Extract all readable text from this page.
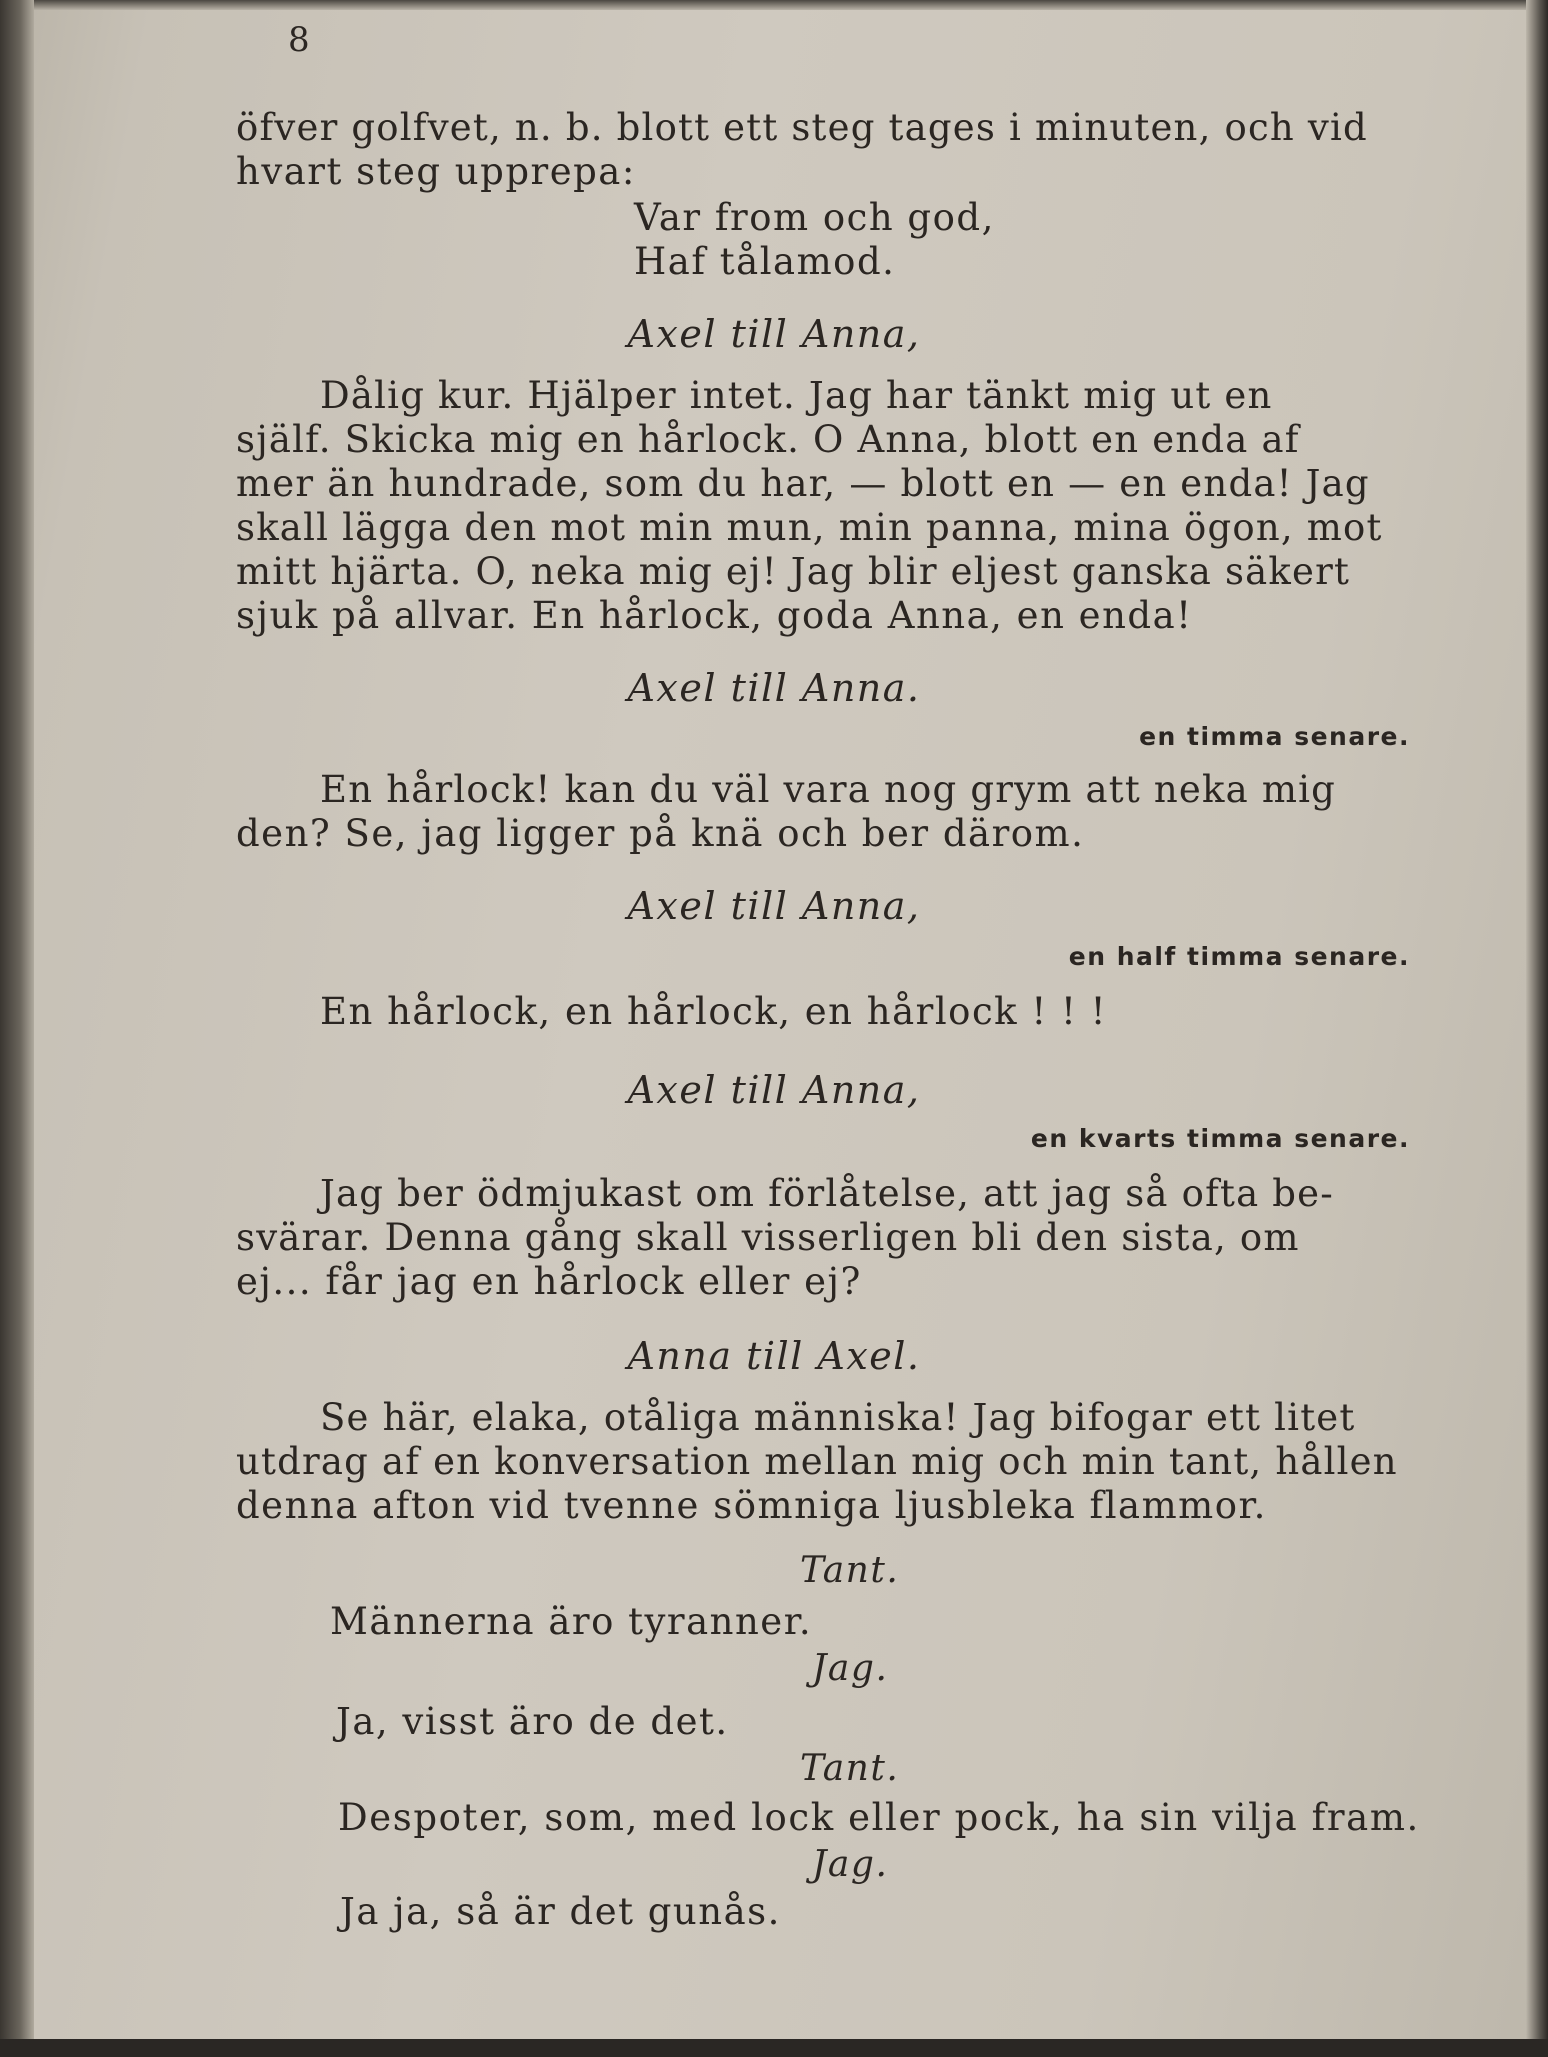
8
öfver golfvet, n. b. blott ett steg tages i minuten, och vid
hvart steg upprepa:
Var from och god,
Haf tålamod.
Axel till Anna,
Dålig kur. Hjälper intet. Jag har tänkt mig ut en
själf. Skicka mig en hårlock. O Anna, blott en enda af
mer än hundrade, som du har, — blott en — en enda! Jag
skall lägga den mot min mun, min panna, mina ögon, mot
mitt hjärta. O, neka mig ej! Jag blir eljest ganska säkert
sjuk på allvar. En hårlock, goda Anna, en enda!
Axel till Anna.
en timma senare.
En hårlock! kan du väl vara nog grym att neka mig
den? Se, jag ligger på knä och ber därom.
Axel till Anna,
en half timma senare.
En hårlock, en hårlock, en hårlock ! ! !
Axel till Anna,
en kvarts timma senare.
Jag ber ödmjukast om förlåtelse, att jag så ofta be-
svärar. Denna gång skall visserligen bli den sista, om
ej... får jag en hårlock eller ej?
Anna till Axel.
Se här, elaka, otåliga människa! Jag bifogar ett litet
utdrag af en konversation mellan mig och min tant, hållen
denna afton vid tvenne sömniga ljusbleka flammor.
Tant.
Männerna äro tyranner.
Jag.
Ja, visst äro de det.
Tant.
Despoter, som, med lock eller pock, ha sin vilja fram.
Jag.
Ja ja, så är det gunås.
